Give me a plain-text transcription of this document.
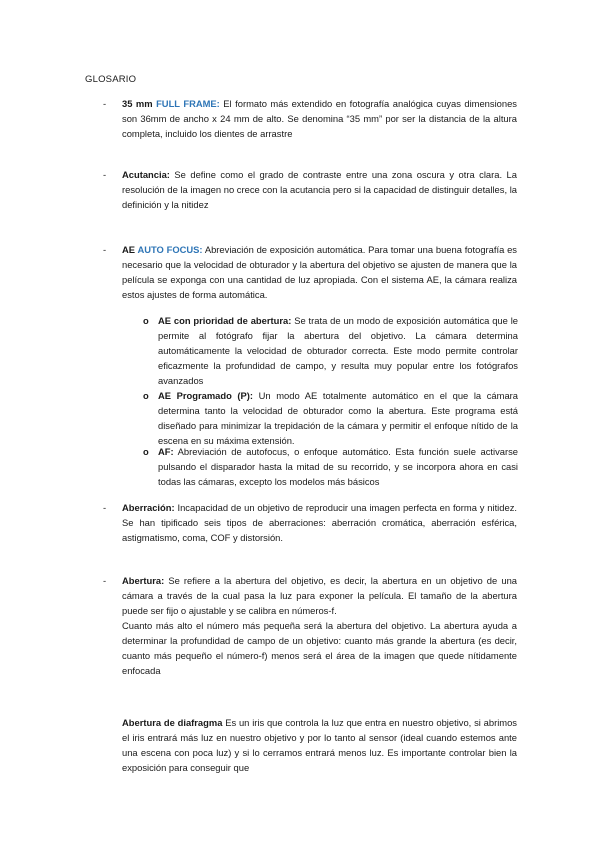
GLOSARIO
- 35 mm FULL FRAME: El formato más extendido en fotografía analógica cuyas dimensiones son 36mm de ancho x 24 mm de alto. Se denomina “35 mm” por ser la distancia de la altura completa, incluido los dientes de arrastre
- Acutancia: Se define como el grado de contraste entre una zona oscura y otra clara. La resolución de la imagen no crece con la acutancia pero si la capacidad de distinguir detalles, la definición y la nitidez
- AE AUTO FOCUS: Abreviación de exposición automática. Para tomar una buena fotografía es necesario que la velocidad de obturador y la abertura del objetivo se ajusten de manera que la película se exponga con una cantidad de luz apropiada. Con el sistema AE, la cámara realiza estos ajustes de forma automática.
o AE con prioridad de abertura: Se trata de un modo de exposición automática que le permite al fotógrafo fijar la abertura del objetivo. La cámara determina automáticamente la velocidad de obturador correcta. Este modo permite controlar eficazmente la profundidad de campo, y resulta muy popular entre los fotógrafos avanzados
o AE Programado (P): Un modo AE totalmente automático en el que la cámara determina tanto la velocidad de obturador como la abertura. Este programa está diseñado para minimizar la trepidación de la cámara y permitir el enfoque nítido de la escena en su máxima extensión.
o AF: Abreviación de autofocus, o enfoque automático. Esta función suele activarse pulsando el disparador hasta la mitad de su recorrido, y se incorpora ahora en casi todas las cámaras, excepto los modelos más básicos
- Aberración: Incapacidad de un objetivo de reproducir una imagen perfecta en forma y nitidez. Se han tipificado seis tipos de aberraciones: aberración cromática, aberración esférica, astigmatismo, coma, COF y distorsión.
- Abertura: Se refiere a la abertura del objetivo, es decir, la abertura en un objetivo de una cámara a través de la cual pasa la luz para exponer la película. El tamaño de la abertura puede ser fijo o ajustable y se calibra en números-f.
Cuanto más alto el número más pequeña será la abertura del objetivo. La abertura ayuda a determinar la profundidad de campo de un objetivo: cuanto más grande la abertura (es decir, cuanto más pequeño el número-f) menos será el área de la imagen que quede nítidamente enfocada
Abertura de diafragma Es un iris que controla la luz que entra en nuestro objetivo, si abrimos el iris entrará más luz en nuestro objetivo y por lo tanto al sensor (ideal cuando estemos ante una escena con poca luz) y si lo cerramos entrará menos luz. Es importante controlar bien la exposición para conseguir que
